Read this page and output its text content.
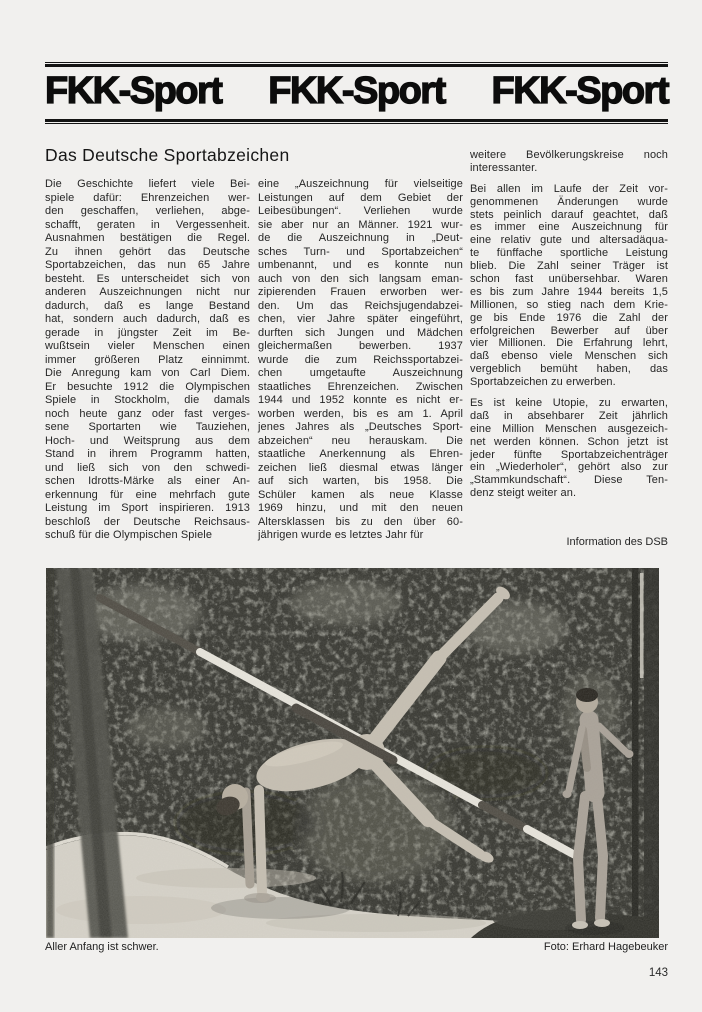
FKK-Sport FKK-Sport FKK-Sport
Das Deutsche Sportabzeichen
Die Geschichte liefert viele Bei-
spiele dafür: Ehrenzeichen wer-
den geschaffen, verliehen, abge-
schafft, geraten in Vergessenheit.
Ausnahmen bestätigen die Regel.
Zu ihnen gehört das Deutsche
Sportabzeichen, das nun 65 Jahre
besteht. Es unterscheidet sich von
anderen Auszeichnungen nicht nur
dadurch, daß es lange Bestand
hat, sondern auch dadurch, daß es
gerade in jüngster Zeit im Be-
wußtsein vieler Menschen einen
immer größeren Platz einnimmt.
Die Anregung kam von Carl Diem.
Er besuchte 1912 die Olympischen
Spiele in Stockholm, die damals
noch heute ganz oder fast verges-
sene Sportarten wie Tauziehen,
Hoch- und Weitsprung aus dem
Stand in ihrem Programm hatten,
und ließ sich von den schwedi-
schen Idrotts-Märke als einer An-
erkennung für eine mehrfach gute
Leistung im Sport inspirieren. 1913
beschloß der Deutsche Reichsaus-
schuß für die Olympischen Spiele
eine „Auszeichnung für vielseitige
Leistungen auf dem Gebiet der
Leibesübungen“. Verliehen wurde
sie aber nur an Männer. 1921 wur-
de die Auszeichnung in „Deut-
sches Turn- und Sportabzeichen“
umbenannt, und es konnte nun
auch von den sich langsam eman-
zipierenden Frauen erworben wer-
den. Um das Reichsjugendabzei-
chen, vier Jahre später eingeführt,
durften sich Jungen und Mädchen
gleichermaßen bewerben. 1937
wurde die zum Reichssportabzei-
chen umgetaufte Auszeichnung
staatliches Ehrenzeichen. Zwischen
1944 und 1952 konnte es nicht er-
worben werden, bis es am 1. April
jenes Jahres als „Deutsches Sport-
abzeichen“ neu herauskam. Die
staatliche Anerkennung als Ehren-
zeichen ließ diesmal etwas länger
auf sich warten, bis 1958. Die
Schüler kamen als neue Klasse
1969 hinzu, und mit den neuen
Altersklassen bis zu den über 60-
jährigen wurde es letztes Jahr für
weitere Bevölkerungskreise noch
interessanter.
Bei allen im Laufe der Zeit vor-
genommenen Änderungen wurde
stets peinlich darauf geachtet, daß
es immer eine Auszeichnung für
eine relativ gute und altersadäqua-
te fünffache sportliche Leistung
blieb. Die Zahl seiner Träger ist
schon fast unübersehbar. Waren
es bis zum Jahre 1944 bereits 1,5
Millionen, so stieg nach dem Krie-
ge bis Ende 1976 die Zahl der
erfolgreichen Bewerber auf über
vier Millionen. Die Erfahrung lehrt,
daß ebenso viele Menschen sich
vergeblich bemüht haben, das
Sportabzeichen zu erwerben.
Es ist keine Utopie, zu erwarten,
daß in absehbarer Zeit jährlich
eine Million Menschen ausgezeich-
net werden können. Schon jetzt ist
jeder fünfte Sportabzeichenträger
ein „Wiederholer“, gehört also zur
„Stammkundschaft“. Diese Ten-
denz steigt weiter an.
Information des DSB
Aller Anfang ist schwer.	Foto: Erhard Hagebeuker
143
